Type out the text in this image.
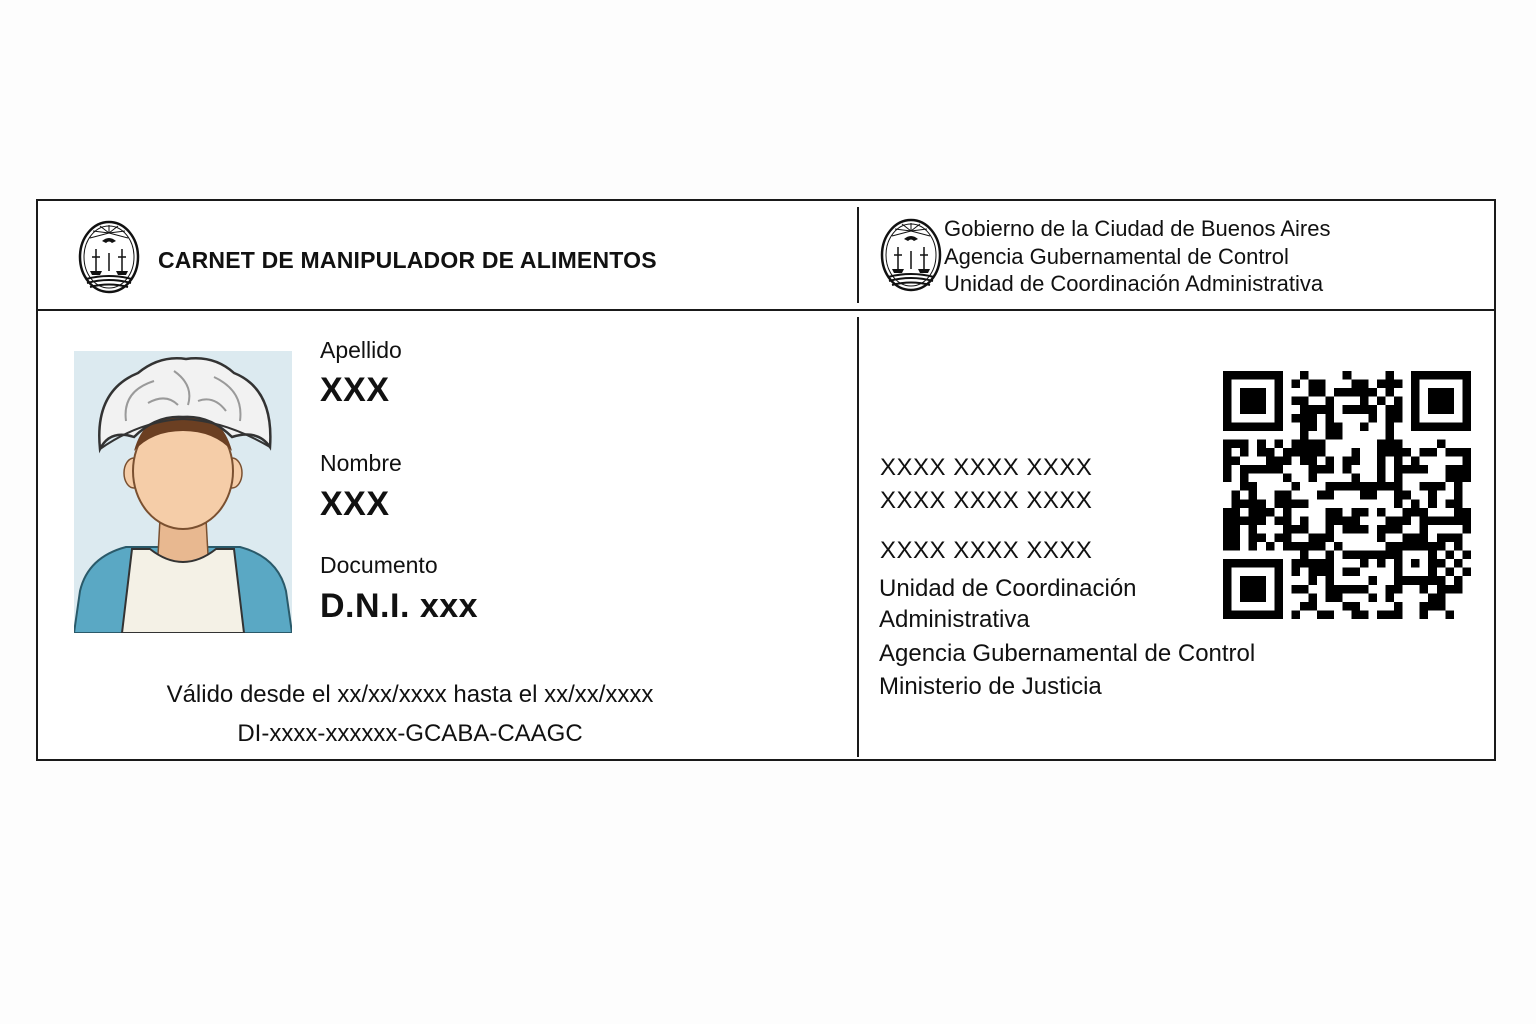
CARNET DE MANIPULADOR DE ALIMENTOS
Gobierno de la Ciudad de Buenos Aires
Agencia Gubernamental de Control
Unidad de Coordinación Administrativa
Apellido
XXX
Nombre
XXX
Documento
D.N.I. xxx
Válido desde el xx/xx/xxxx hasta el xx/xx/xxxx
DI-xxxx-xxxxxx-GCABA-CAAGC
XXXX XXXX XXXX
XXXX XXXX XXXX
XXXX XXXX XXXX
Unidad de Coordinación
Administrativa
Agencia Gubernamental de Control
Ministerio de Justicia
